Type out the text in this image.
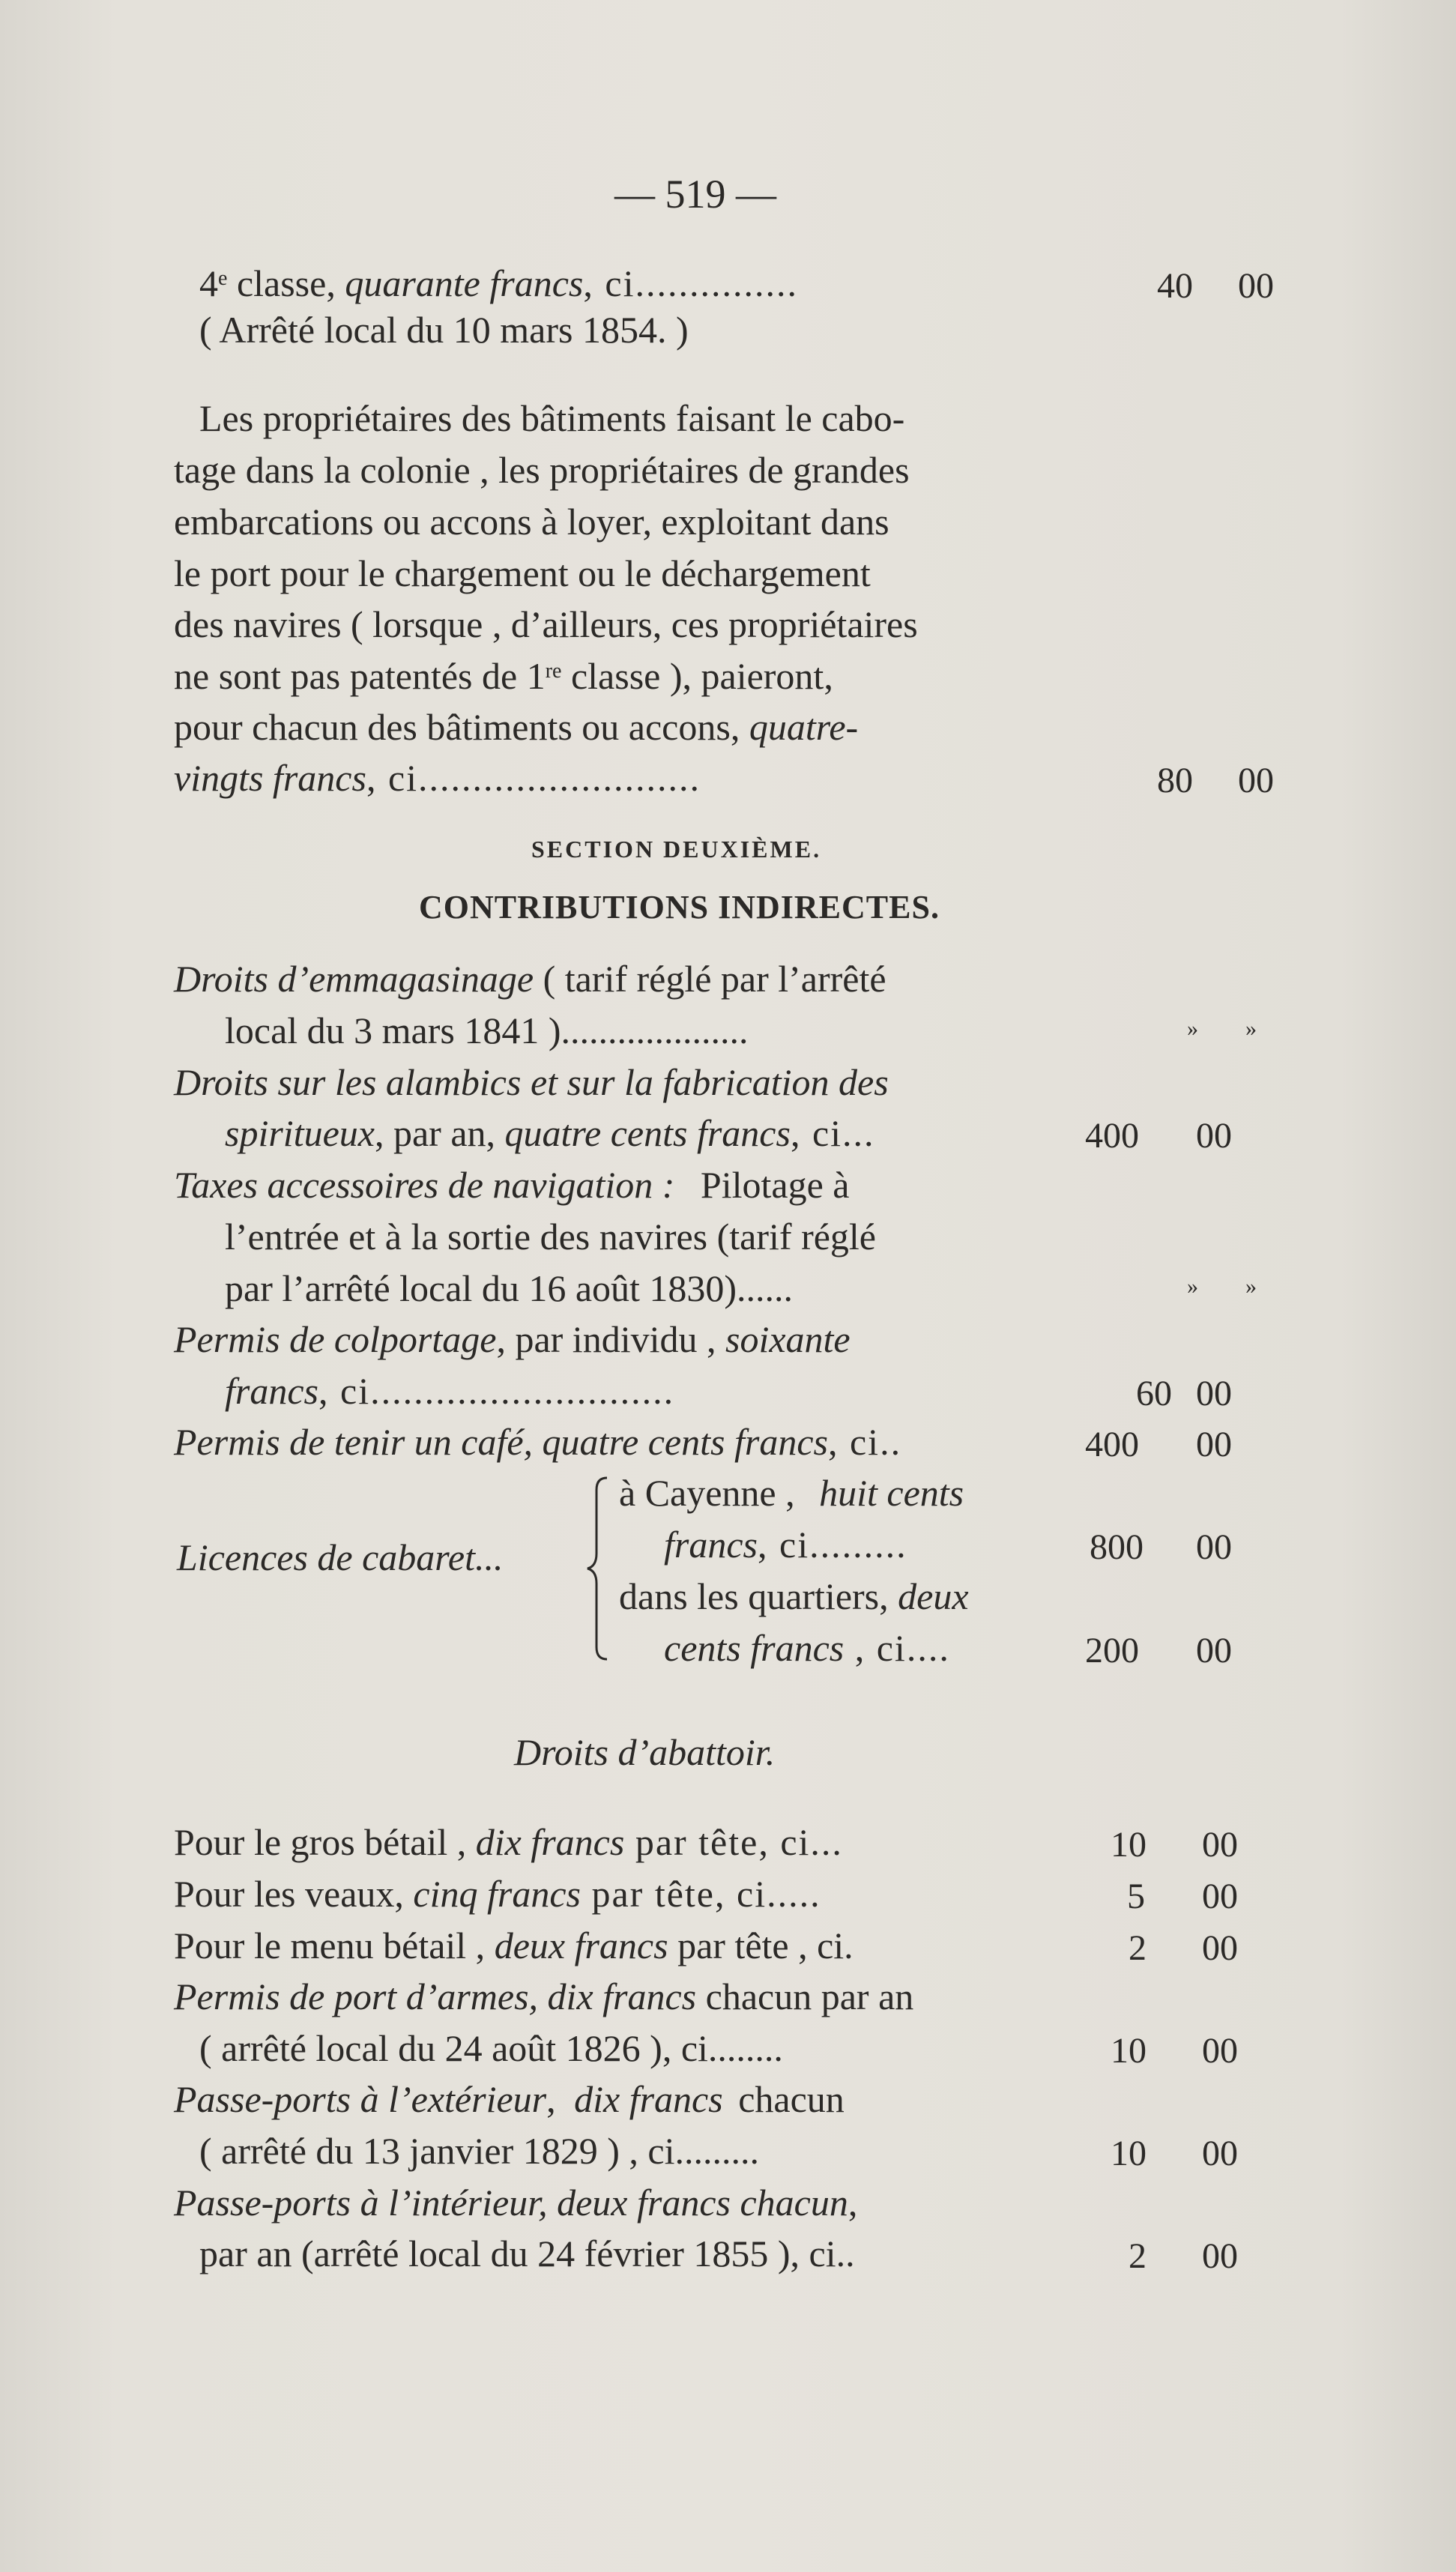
— 519 —
4e classe, quarante francs, ci...............	40 00
( Arrêté local du 10 mars 1854. )
Les propriétaires des bâtiments faisant le cabo-
tage dans la colonie , les propriétaires de grandes
embarcations ou accons à loyer, exploitant dans
le port pour le chargement ou le déchargement
des navires ( lorsque , d’ailleurs, ces propriétaires
ne sont pas patentés de 1re classe ), paieront,
pour chacun des bâtiments ou accons, quatre-
vingts francs, ci..........................	80 00
SECTION DEUXIÈME.
CONTRIBUTIONS INDIRECTES.
Droits d’emmagasinage ( tarif réglé par l’arrêté
local du 3 mars 1841 )....................	» »
Droits sur les alambics et sur la fabrication des
spiritueux, par an, quatre cents francs, ci...	400 00
Taxes accessoires de navigation : Pilotage à
l’entrée et à la sortie des navires (tarif réglé
par l’arrêté local du 16 août 1830)......	» »
Permis de colportage, par individu , soixante
francs, ci............................	60 00
Permis de tenir un café, quatre cents francs, ci..	400 00
Licences de cabaret...
à Cayenne , huit cents
francs, ci.........	800 00
dans les quartiers, deux
cents francs , ci....	200 00
Droits d’abattoir.
Pour le gros bétail , dix francs par tête, ci...	10 00
Pour les veaux, cinq francs par tête, ci.....	5 00
Pour le menu bétail , deux francs par tête , ci.	2 00
Permis de port d’armes, dix francs chacun par an
( arrêté local du 24 août 1826 ), ci........	10 00
Passe-ports à l’extérieur, dix francs chacun
( arrêté du 13 janvier 1829 ) , ci.........	10 00
Passe-ports à l’intérieur, deux francs chacun,
par an (arrêté local du 24 février 1855 ), ci..	2 00
